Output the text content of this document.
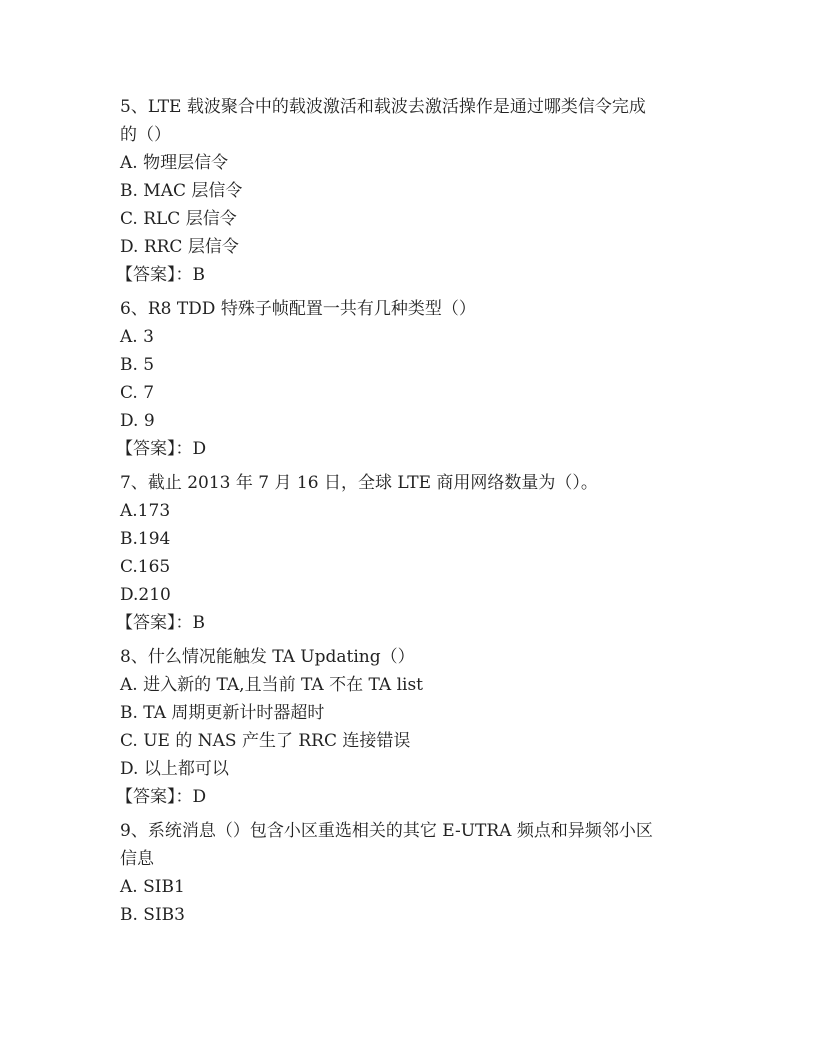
5、LTE 载波聚合中的载波激活和载波去激活操作是通过哪类信令完成
的（）
A. 物理层信令
B. MAC 层信令
C. RLC 层信令
D. RRC 层信令
【答案】：B
6、R8 TDD 特殊子帧配置一共有几种类型（）
A. 3
B. 5
C. 7
D. 9
【答案】：D
7、截止 2013 年 7 月 16 日，全球 LTE 商用网络数量为（）。
A.173
B.194
C.165
D.210
【答案】：B
8、什么情况能触发 TA Updating（）
A. 进入新的 TA,且当前 TA 不在 TA list
B. TA 周期更新计时器超时
C. UE 的 NAS 产生了 RRC 连接错误
D. 以上都可以
【答案】：D
9、系统消息（）包含小区重选相关的其它 E-UTRA 频点和异频邻小区
信息
A. SIB1
B. SIB3
